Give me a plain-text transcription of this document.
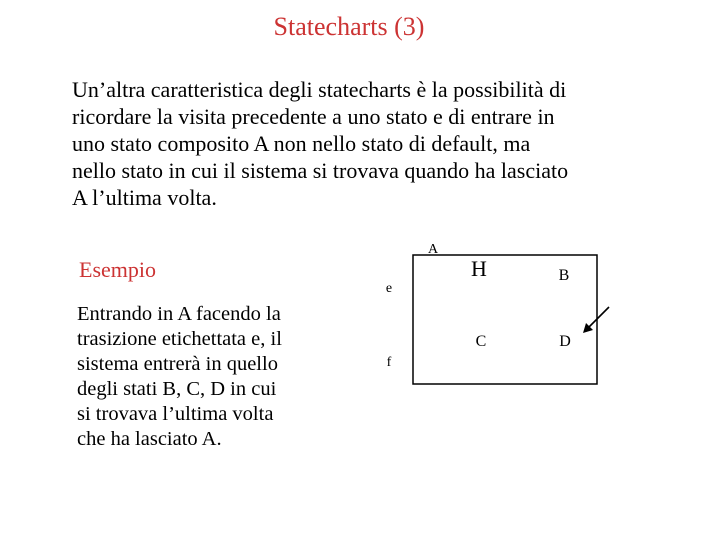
Statecharts (3)
Un’altra caratteristica degli statecharts è la possibilità di
ricordare la visita precedente a uno stato e di entrare in
uno stato composito A non nello stato di default, ma
nello stato in cui il sistema si trovava quando ha lasciato
A l’ultima volta.
Esempio
Entrando in A facendo la
trasizione etichettata e, il
sistema entrerà in quello
degli stati B, C, D in cui
si trovava l’ultima volta
che ha lasciato A.
A
H	B
C	D
e
f
